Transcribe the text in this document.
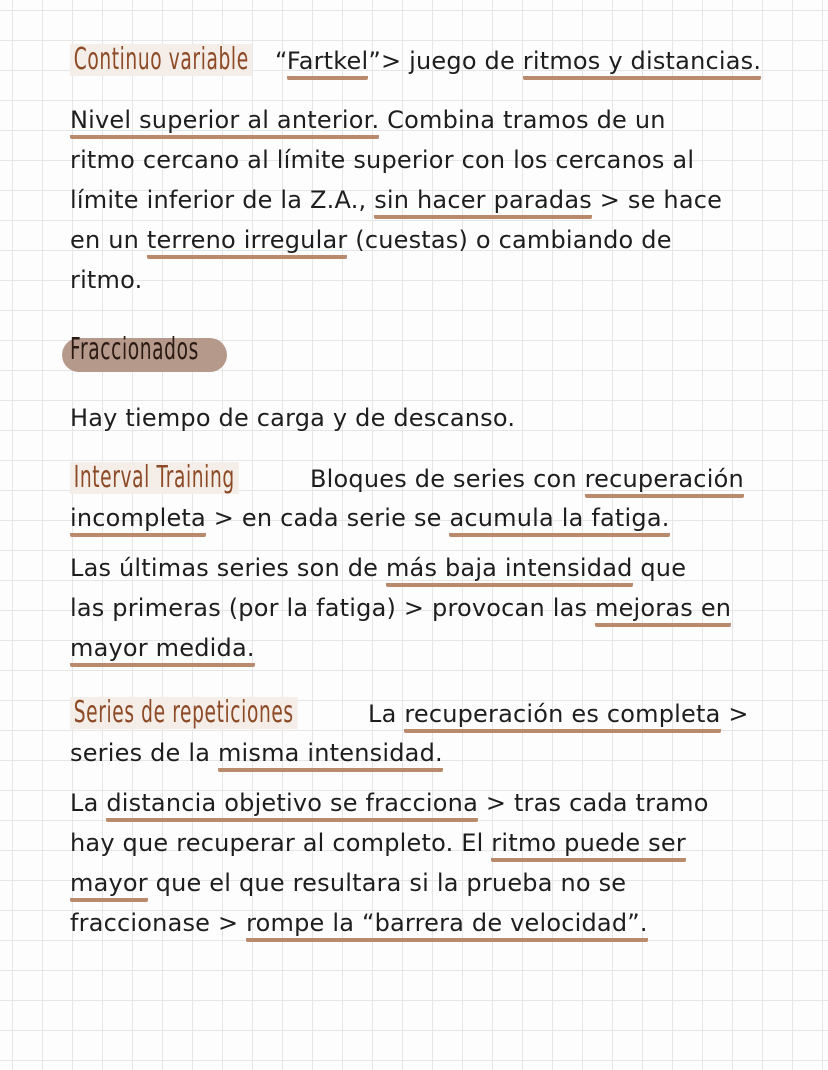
Fraccionados
Continuo variable “Fartkel”> juego de ritmos y distancias.
Nivel superior al anterior. Combina tramos de un
ritmo cercano al límite superior con los cercanos al
límite inferior de la Z.A., sin hacer paradas > se hace
en un terreno irregular (cuestas) o cambiando de
ritmo.
Hay tiempo de carga y de descanso.
Interval Training	Bloques de series con recuperación
incompleta > en cada serie se acumula la fatiga.
Las últimas series son de más baja intensidad que
las primeras (por la fatiga) > provocan las mejoras en
mayor medida.
Series de repeticiones	La recuperación es completa >
series de la misma intensidad.
La distancia objetivo se fracciona > tras cada tramo
hay que recuperar al completo. El ritmo puede ser
mayor que el que resultara si la prueba no se
fraccionase > rompe la “barrera de velocidad”.
